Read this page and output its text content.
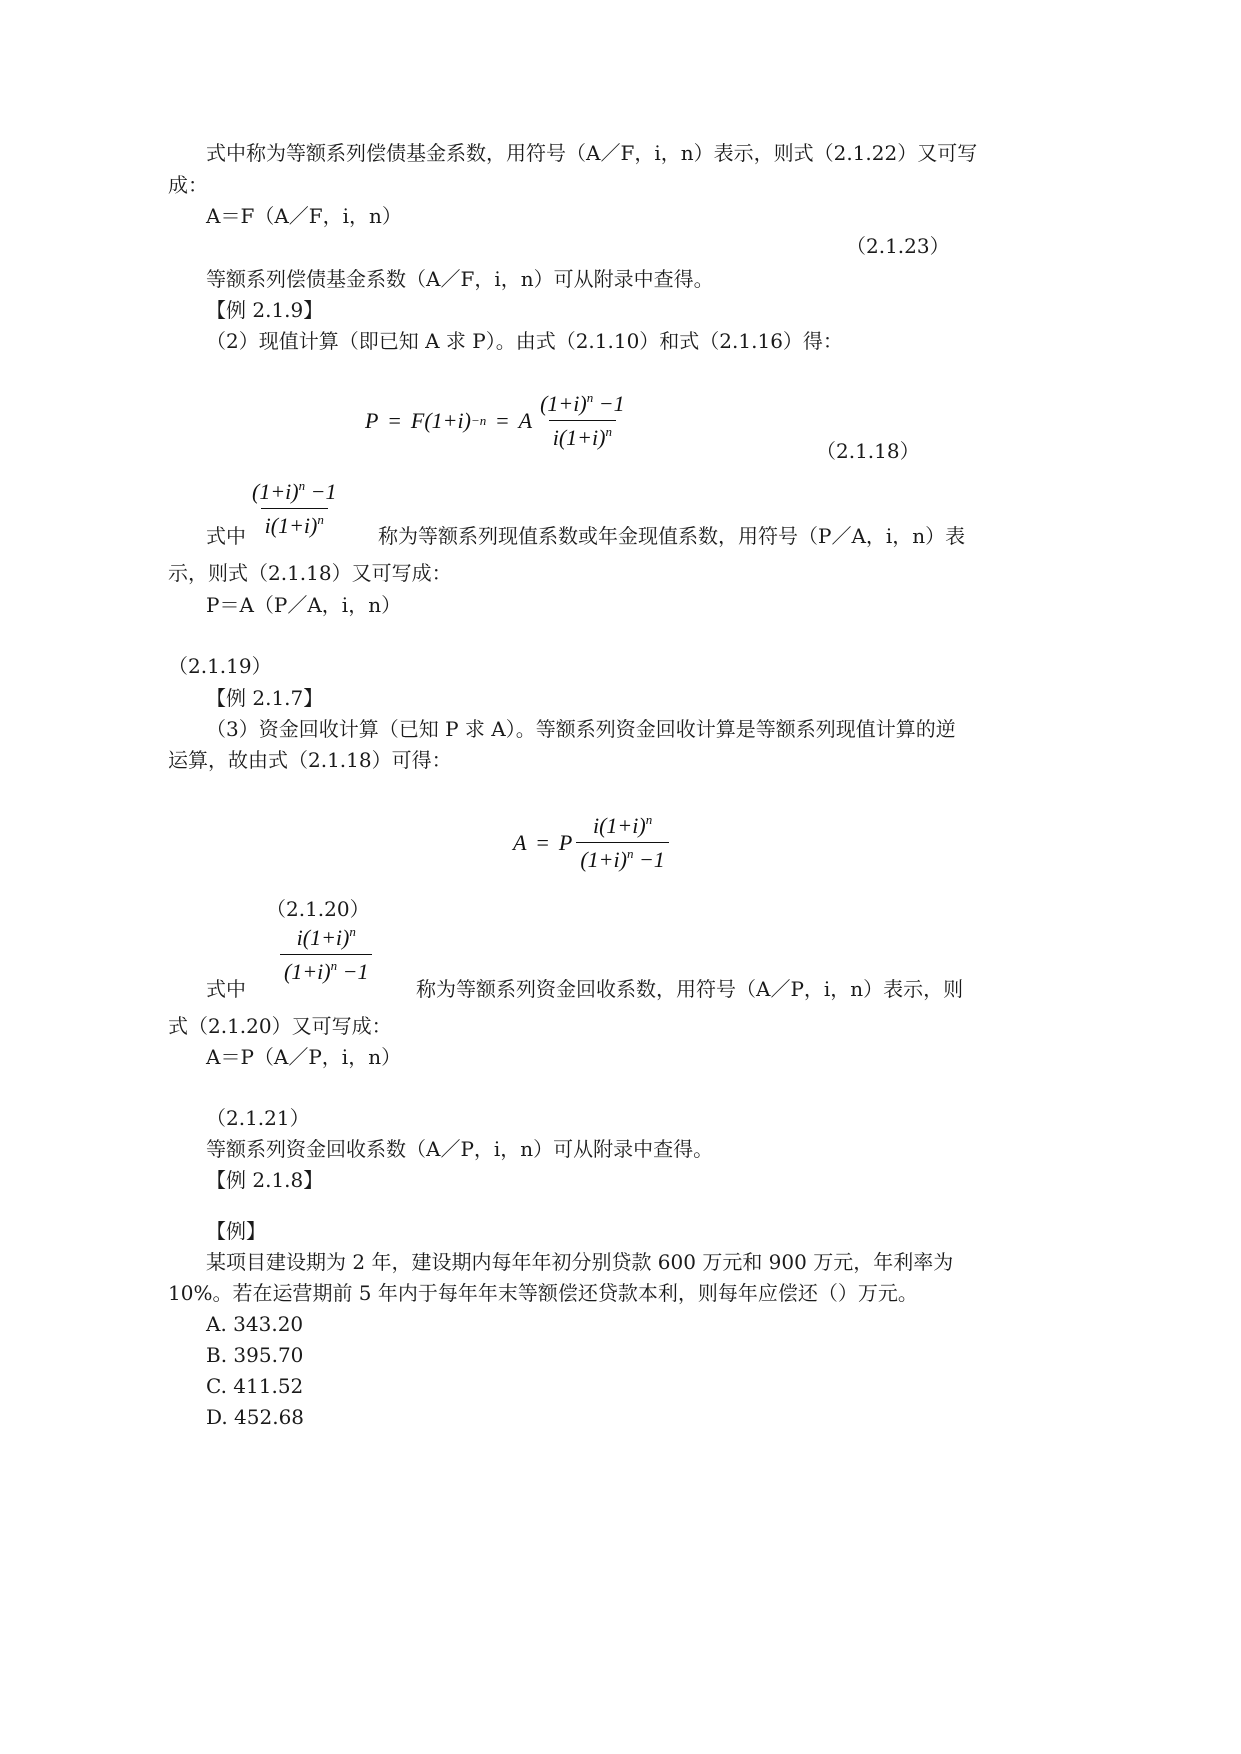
式中称为等额系列偿债基金系数，用符号（A／F，i，n）表示，则式（2.1.22）又可写
成：
A＝F（A／F，i，n）
（2.1.23）
等额系列偿债基金系数（A／F，i，n）可从附录中查得。
【例 2.1.9】
（2）现值计算（即已知 A 求 P）。由式（2.1.10）和式（2.1.16）得：
P = F(1+i) −n = A $\frac{(1+i)^n -1}{i(1+i)^n}$	（2.1.18）
$\frac{(1+i)^n -1}{i(1+i)^n}$
式中	称为等额系列现值系数或年金现值系数，用符号（P／A，i，n）表
示，则式（2.1.18）又可写成：
P＝A（P／A，i，n）
（2.1.19）
【例 2.1.7】
（3）资金回收计算（已知 P 求 A）。等额系列资金回收计算是等额系列现值计算的逆
运算，故由式（2.1.18）可得：
A = P $\frac{i(1+i)^n}{(1+i)^n -1}$
（2.1.20）
$\frac{i(1+i)^n}{(1+i)^n -1}$
式中	称为等额系列资金回收系数，用符号（A／P，i，n）表示，则
式（2.1.20）又可写成：
A＝P（A／P，i，n）
（2.1.21）
等额系列资金回收系数（A／P，i，n）可从附录中查得。
【例 2.1.8】
【例】
某项目建设期为 2 年，建设期内每年年初分别贷款 600 万元和 900 万元，年利率为
10%。若在运营期前 5 年内于每年年末等额偿还贷款本利，则每年应偿还（）万元。
A. 343.20
B. 395.70
C. 411.52
D. 452.68
